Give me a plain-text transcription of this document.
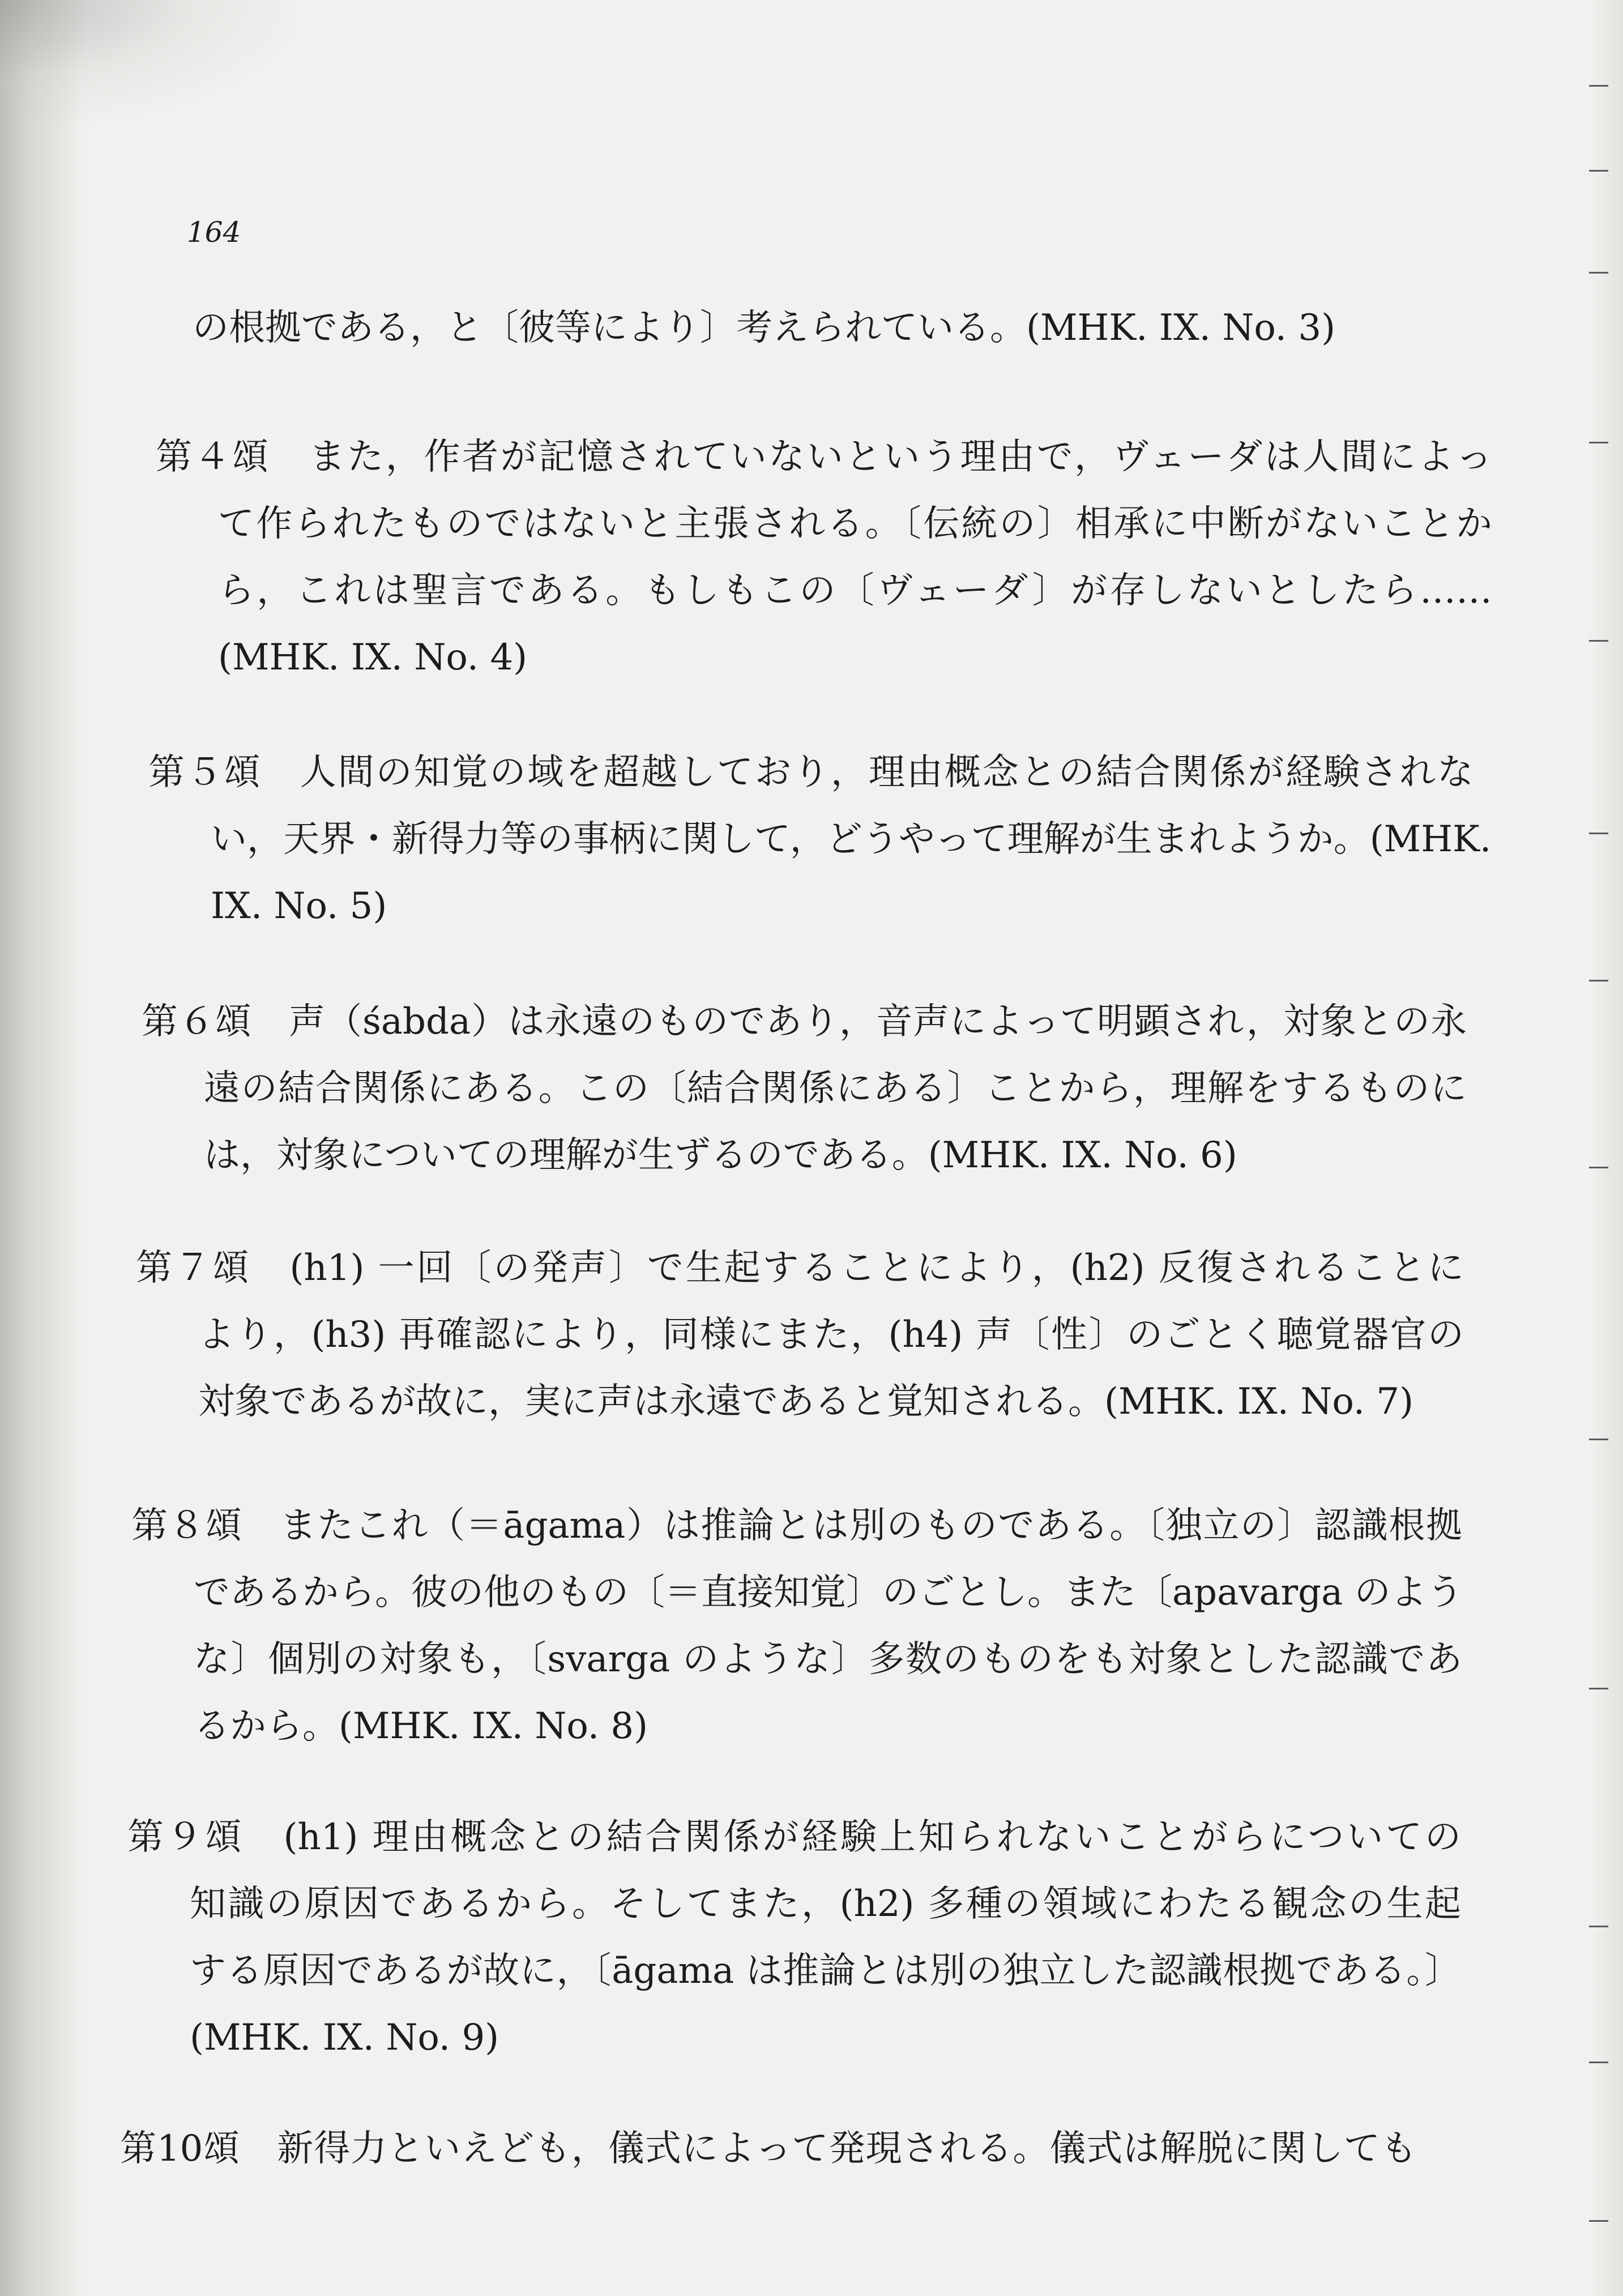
164
の根拠である，と〔彼等により〕考えられている。(MHK. IX. No. 3)
第４頌　また，作者が記憶されていないという理由で，ヴェーダは人間によっ
て作られたものではないと主張される。〔伝統の〕相承に中断がないことか
ら，これは聖言である。もしもこの〔ヴェーダ〕が存しないとしたら……
(MHK. IX. No. 4)
第５頌　人間の知覚の域を超越しており，理由概念との結合関係が経験されな
い，天界・新得力等の事柄に関して，どうやって理解が生まれようか。(MHK.
IX. No. 5)
第６頌　声（śabda）は永遠のものであり，音声によって明顕され，対象との永
遠の結合関係にある。この〔結合関係にある〕ことから，理解をするものに
は，対象についての理解が生ずるのである。(MHK. IX. No. 6)
第７頌　(h1) 一回〔の発声〕で生起することにより，(h2) 反復されることに
より，(h3) 再確認により，同様にまた，(h4) 声〔性〕のごとく聴覚器官の
対象であるが故に，実に声は永遠であると覚知される。(MHK. IX. No. 7)
第８頌　またこれ（＝āgama）は推論とは別のものである。〔独立の〕認識根拠
であるから。彼の他のもの〔＝直接知覚〕のごとし。また〔apavarga のよう
な〕個別の対象も，〔svarga のような〕多数のものをも対象とした認識であ
るから。(MHK. IX. No. 8)
第９頌　(h1) 理由概念との結合関係が経験上知られないことがらについての
知識の原因であるから。そしてまた，(h2) 多種の領域にわたる観念の生起
する原因であるが故に，〔āgama は推論とは別の独立した認識根拠である。〕
(MHK. IX. No. 9)
第10頌　新得力といえども，儀式によって発現される。儀式は解脱に関しても
